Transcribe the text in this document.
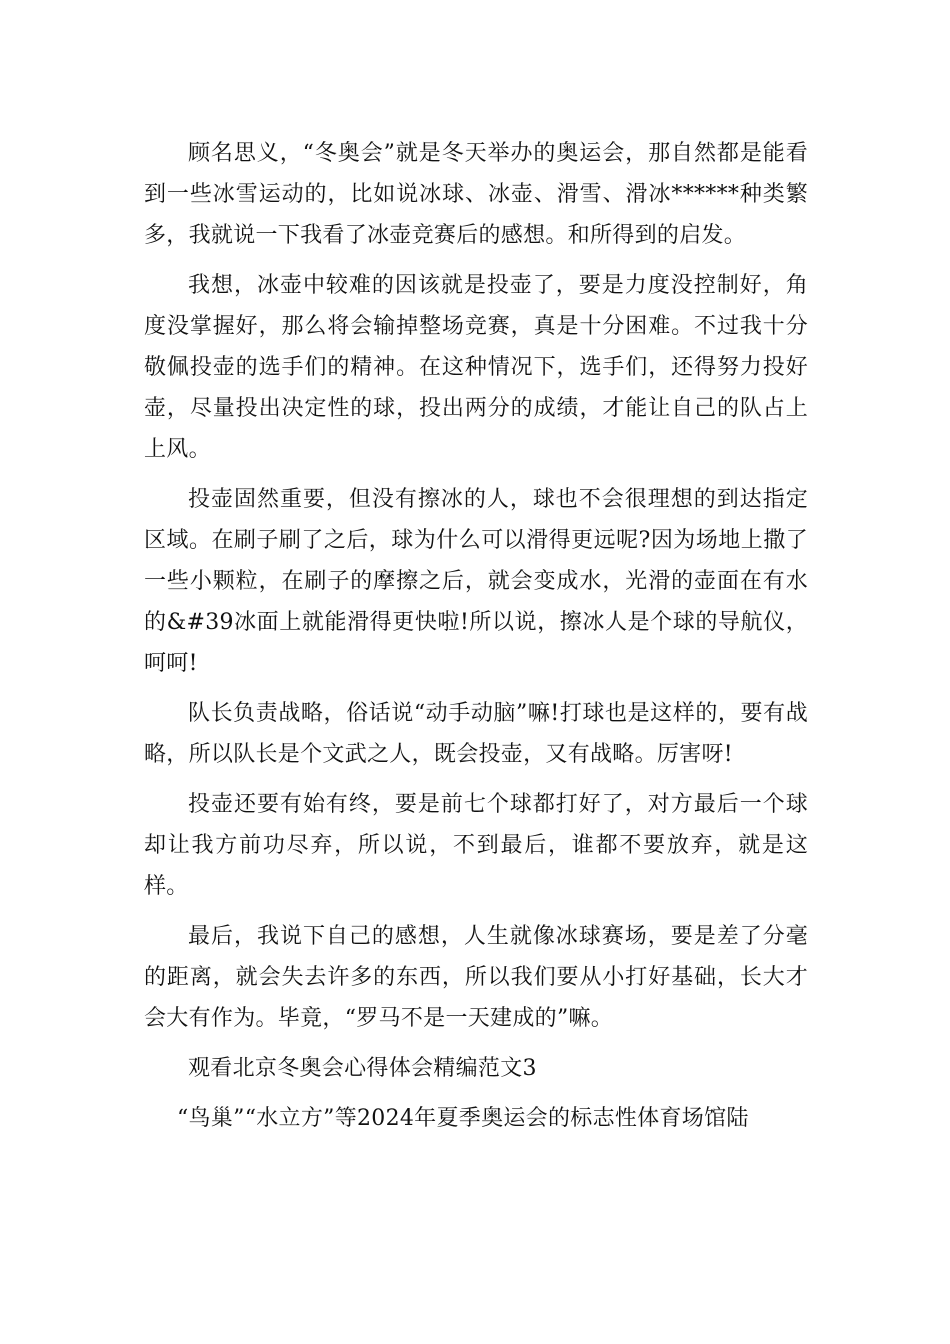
顾名思义，“冬奥会”就是冬天举办的奥运会，那自然都是能看到一些冰雪运动的，比如说冰球、冰壶、滑雪、滑冰******种类繁多，我就说一下我看了冰壶竞赛后的感想。和所得到的启发。

我想，冰壶中较难的因该就是投壶了，要是力度没控制好，角度没掌握好，那么将会输掉整场竞赛，真是十分困难。不过我十分敬佩投壶的选手们的精神。在这种情况下，选手们，还得努力投好壶，尽量投出决定性的球，投出两分的成绩，才能让自己的队占上上风。

投壶固然重要，但没有擦冰的人，球也不会很理想的到达指定区域。在刷子刷了之后，球为什么可以滑得更远呢?因为场地上撒了一些小颗粒，在刷子的摩擦之后，就会变成水，光滑的壶面在有水的&#39冰面上就能滑得更快啦!所以说，擦冰人是个球的导航仪，呵呵!

队长负责战略，俗话说“动手动脑”嘛!打球也是这样的，要有战略，所以队长是个文武之人，既会投壶，又有战略。厉害呀!

投壶还要有始有终，要是前七个球都打好了，对方最后一个球却让我方前功尽弃，所以说，不到最后，谁都不要放弃，就是这样。

最后，我说下自己的感想，人生就像冰球赛场，要是差了分毫的距离，就会失去许多的东西，所以我们要从小打好基础，长大才会大有作为。毕竟，“罗马不是一天建成的”嘛。

观看北京冬奥会心得体会精编范文3

“鸟巢”“水立方”等2024年夏季奥运会的标志性体育场馆陆
